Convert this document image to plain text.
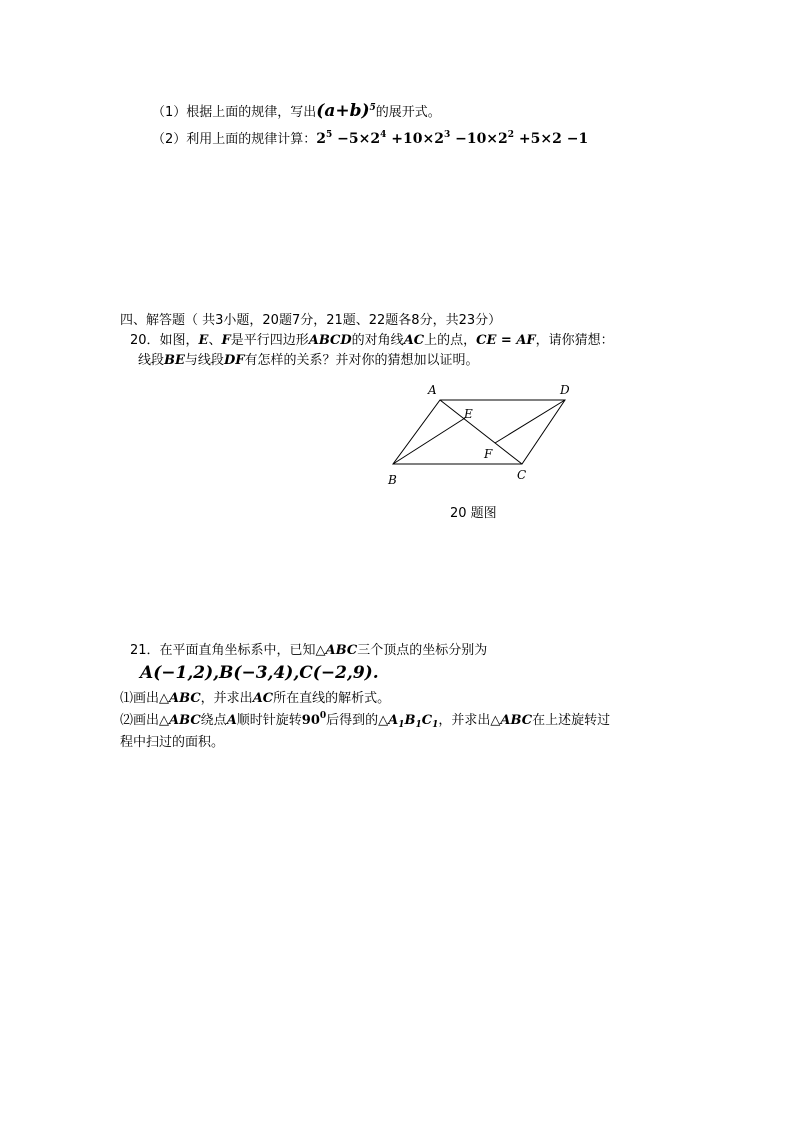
（1）根据上面的规律，写出$(a+b)^5$的展开式。
（2）利用上面的规律计算：$2^5 -5\times 2^4 +10\times 2^3 -10\times 2^2 +5\times 2 -1$
四、解答题（ 共3小题，20题7分，21题、22题各8分，共23分）
20．如图，E、F是平行四边形ABCD的对角线AC上的点，CE = AF，请你猜想：
线段BE与线段DF有怎样的关系？并对你的猜想加以证明。
A	D
E
F
B	C
20 题图
21．在平面直角坐标系中，已知△ABC三个顶点的坐标分别为
A(−1,2),B(−3,4),C(−2,9).
⑴画出△ABC，并求出AC所在直线的解析式。
⑵画出△ABC绕点A顺时针旋转$90^0$后得到的$\triangle A_1B_1C_1$，并求出△ABC在上述旋转过
程中扫过的面积。
